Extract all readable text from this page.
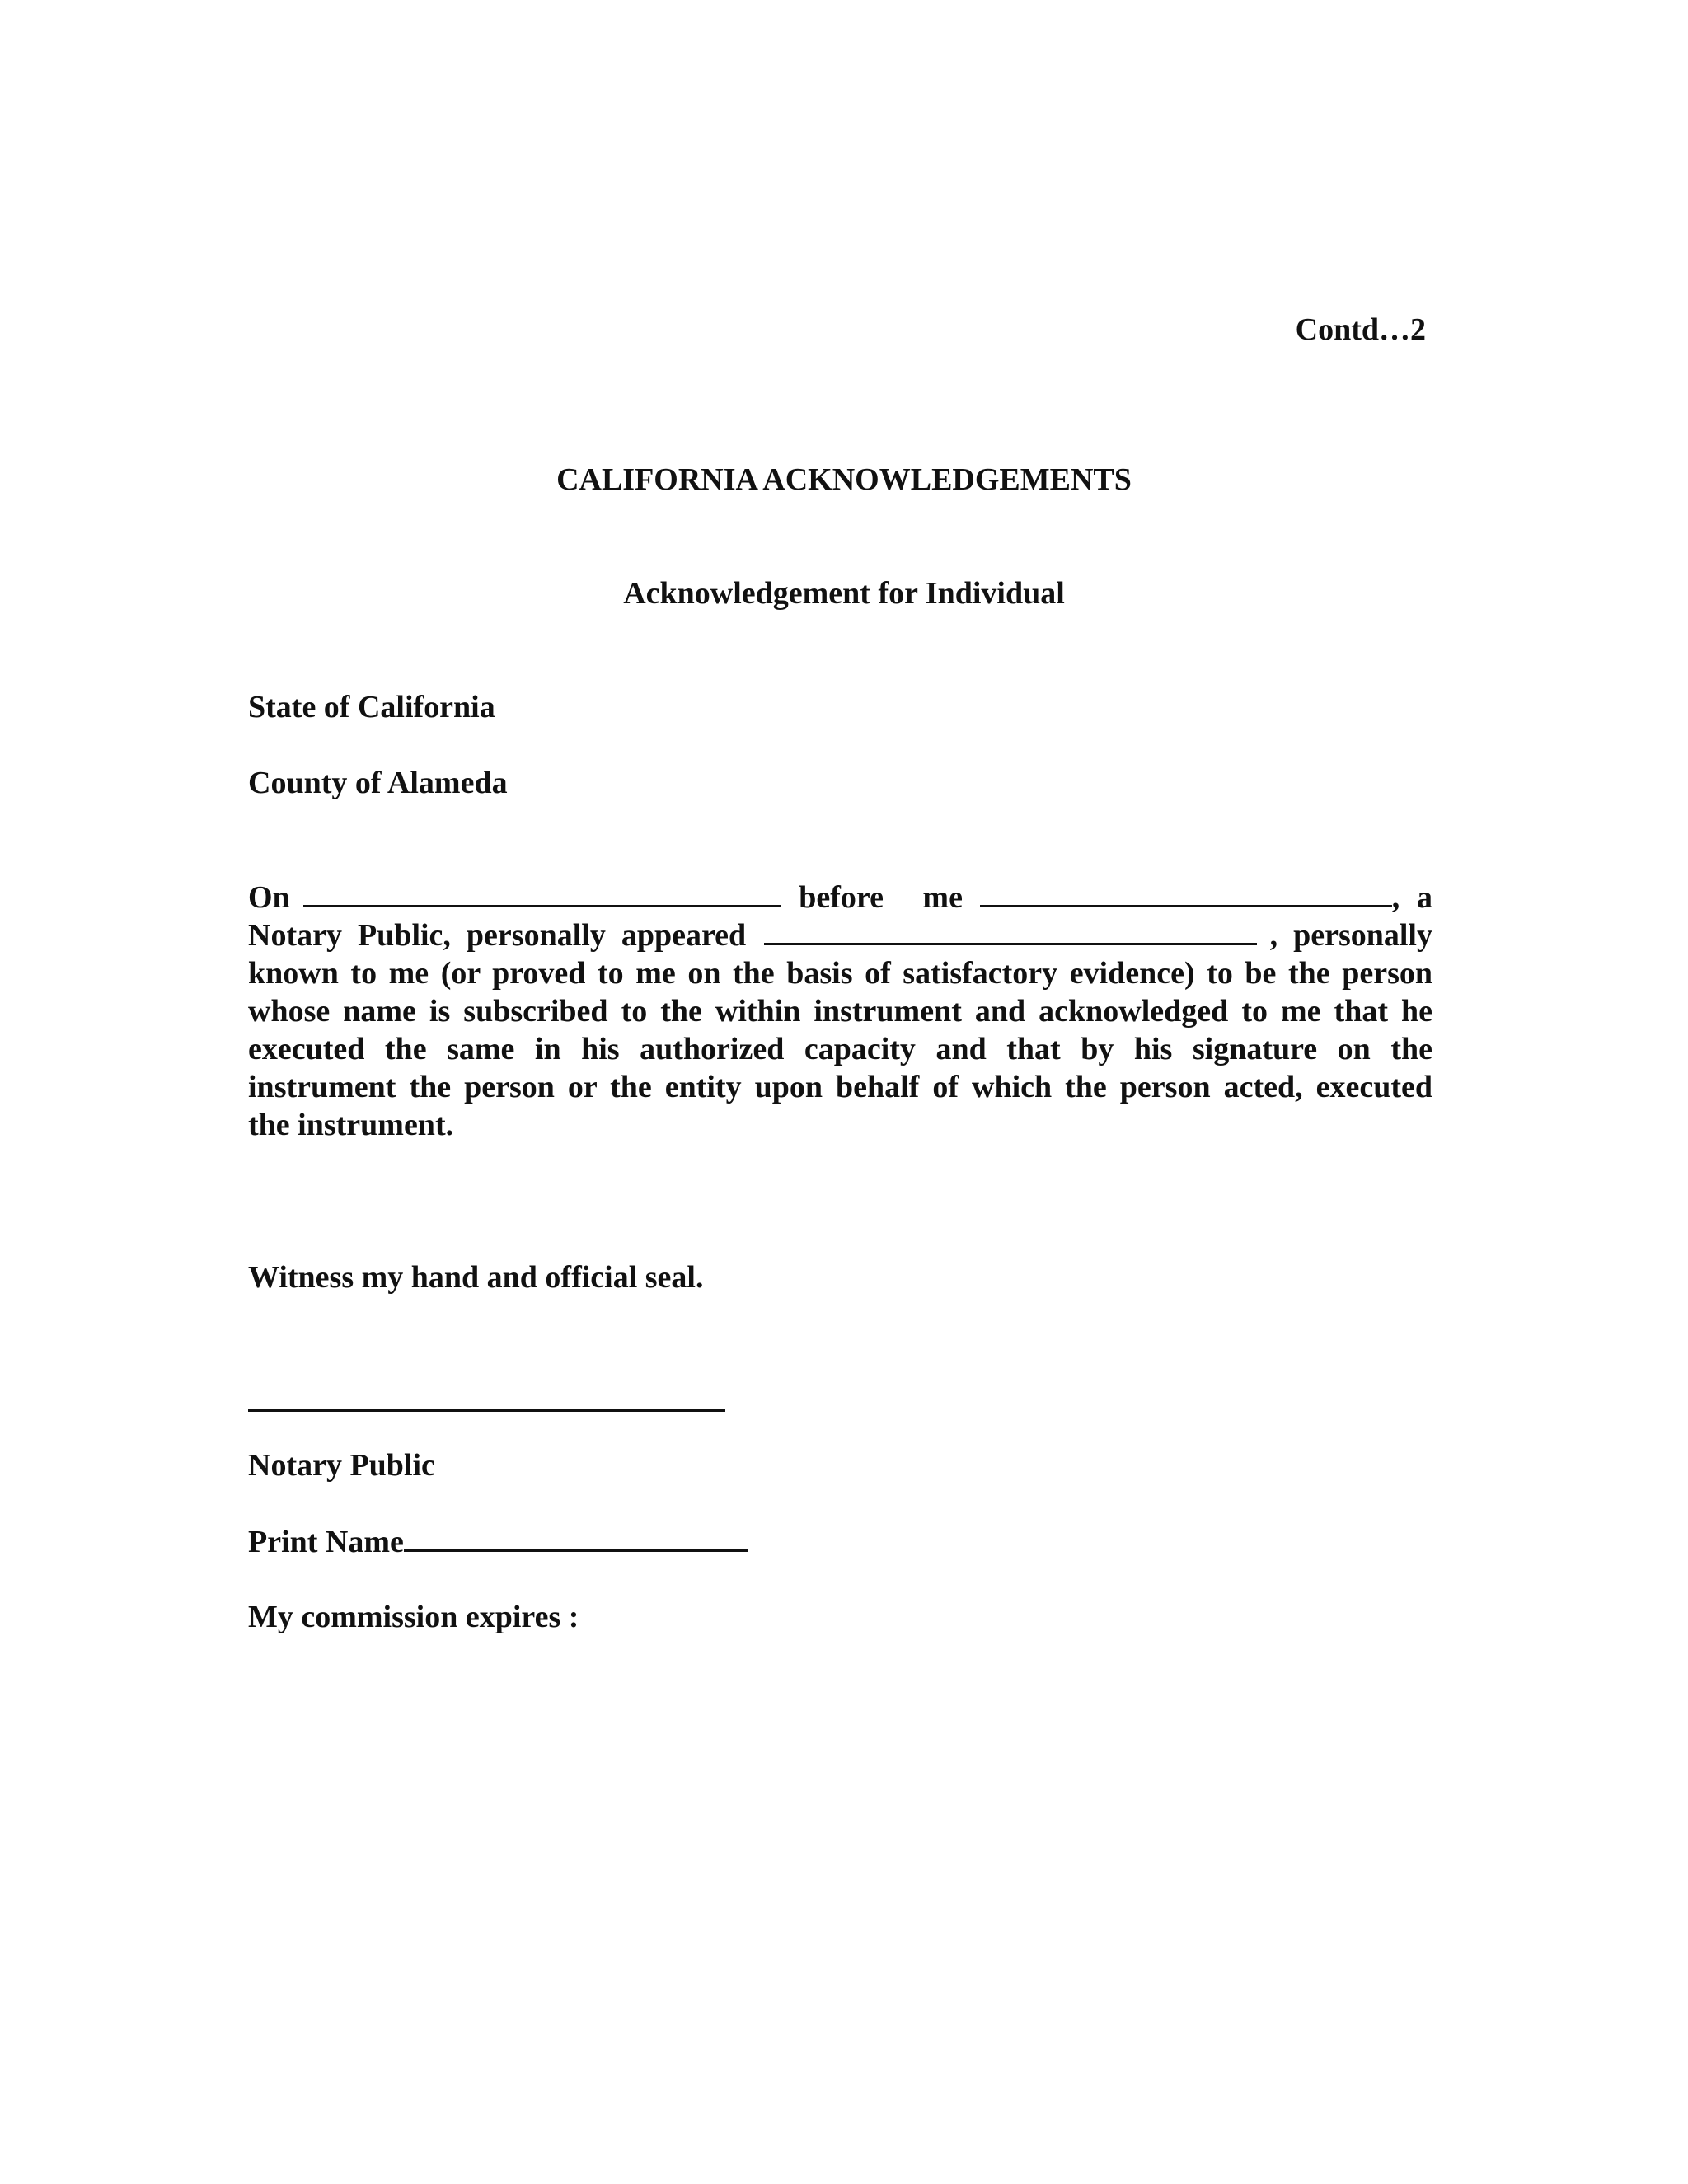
Contd…2
CALIFORNIA ACKNOWLEDGEMENTS
Acknowledgement for Individual
State of California
County of Alameda
On	before     me	, a
Notary  Public,  personally  appeared	,  personally
known to me (or proved to me on the basis of satisfactory evidence) to be the person
whose name is subscribed to the within instrument and acknowledged to me that he
executed the same in his authorized capacity and that by his signature on the
instrument the person or the entity upon behalf of which the person acted, executed
the instrument.
Witness my hand and official seal.
Notary Public
Print Name
My commission expires :
